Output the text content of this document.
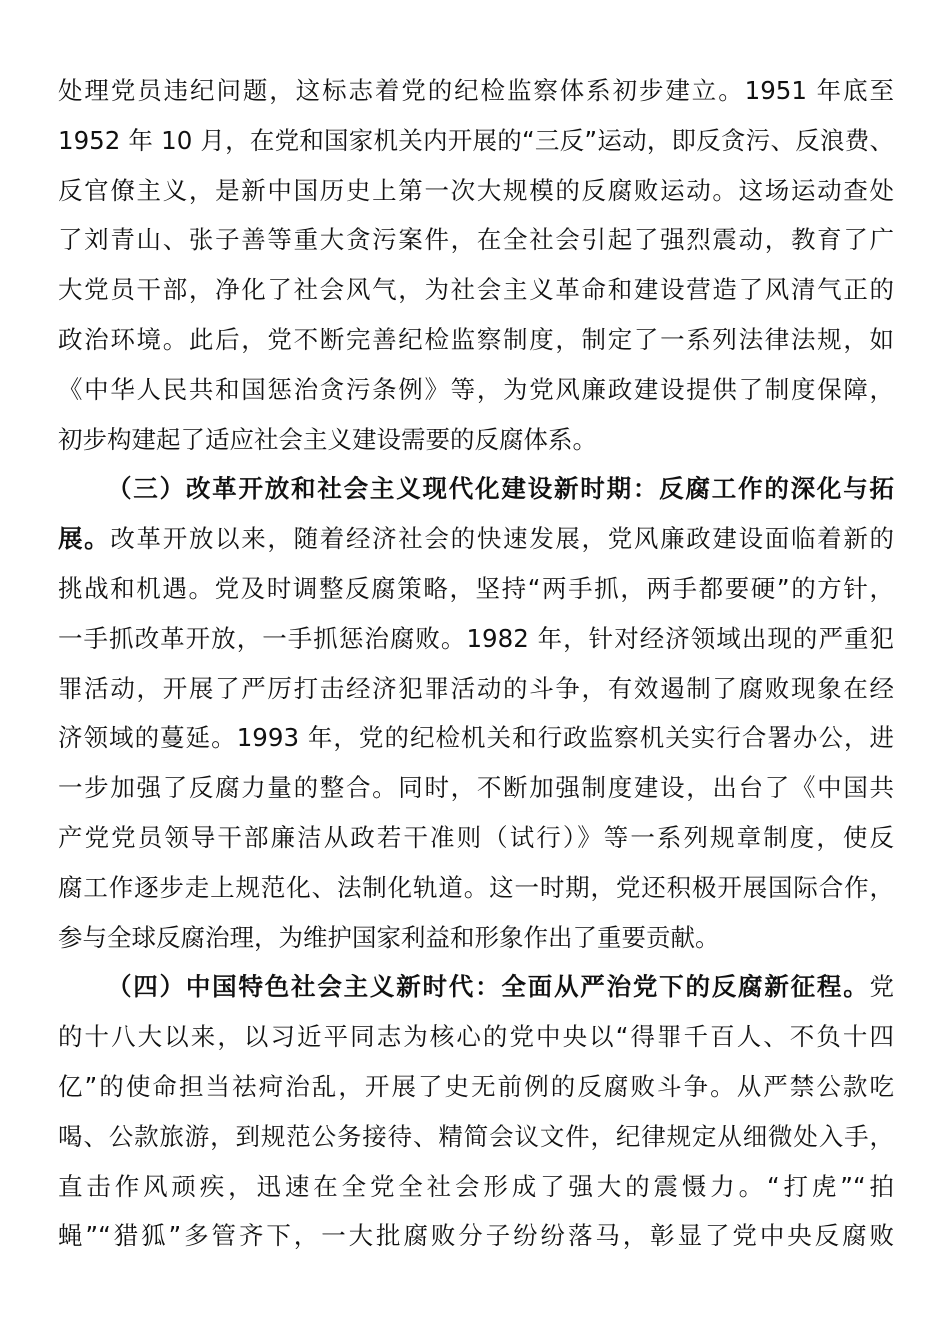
处理党员违纪问题，这标志着党的纪检监察体系初步建立。1951 年底至
1952 年 10 月，在党和国家机关内开展的“三反”运动，即反贪污、反浪费、
反官僚主义，是新中国历史上第一次大规模的反腐败运动。这场运动查处
了刘青山、张子善等重大贪污案件，在全社会引起了强烈震动，教育了广
大党员干部，净化了社会风气，为社会主义革命和建设营造了风清气正的
政治环境。此后，党不断完善纪检监察制度，制定了一系列法律法规，如
《中华人民共和国惩治贪污条例》等，为党风廉政建设提供了制度保障，
初步构建起了适应社会主义建设需要的反腐体系。
（三）改革开放和社会主义现代化建设新时期：反腐工作的深化与拓
展。改革开放以来，随着经济社会的快速发展，党风廉政建设面临着新的
挑战和机遇。党及时调整反腐策略，坚持“两手抓，两手都要硬”的方针，
一手抓改革开放，一手抓惩治腐败。1982 年，针对经济领域出现的严重犯
罪活动，开展了严厉打击经济犯罪活动的斗争，有效遏制了腐败现象在经
济领域的蔓延。1993 年，党的纪检机关和行政监察机关实行合署办公，进
一步加强了反腐力量的整合。同时，不断加强制度建设，出台了《中国共
产党党员领导干部廉洁从政若干准则（试行）》等一系列规章制度，使反
腐工作逐步走上规范化、法制化轨道。这一时期，党还积极开展国际合作，
参与全球反腐治理，为维护国家利益和形象作出了重要贡献。
（四）中国特色社会主义新时代：全面从严治党下的反腐新征程。党
的十八大以来，以习近平同志为核心的党中央以“得罪千百人、不负十四
亿”的使命担当祛疴治乱，开展了史无前例的反腐败斗争。从严禁公款吃
喝、公款旅游，到规范公务接待、精简会议文件，纪律规定从细微处入手，
直击作风顽疾，迅速在全党全社会形成了强大的震慑力。“打虎”“拍
蝇”“猎狐”多管齐下，一大批腐败分子纷纷落马，彰显了党中央反腐败
